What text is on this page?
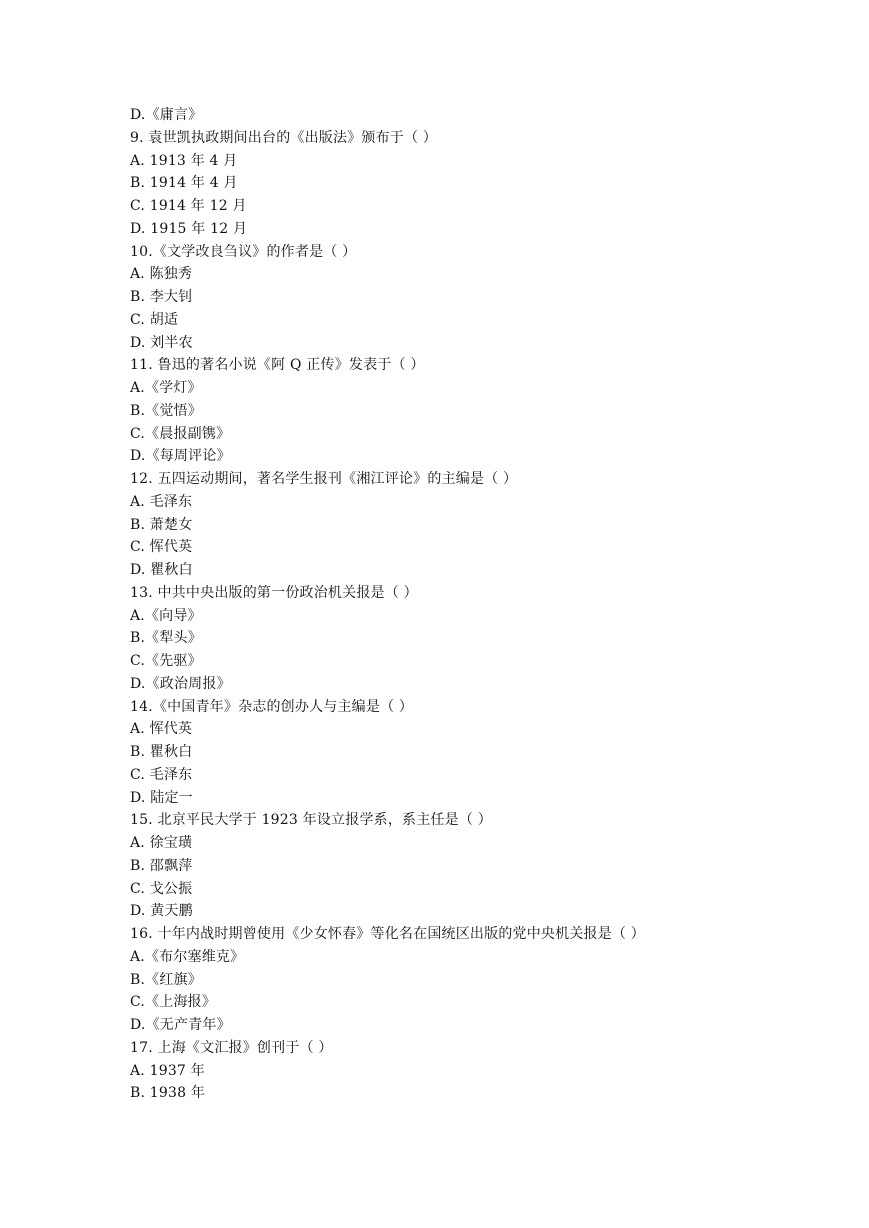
D.《庸言》
9. 袁世凯执政期间出台的《出版法》颁布于（ ）
A. 1913 年 4 月
B. 1914 年 4 月
C. 1914 年 12 月
D. 1915 年 12 月
10.《文学改良刍议》的作者是（ ）
A. 陈独秀
B. 李大钊
C. 胡适
D. 刘半农
11. 鲁迅的著名小说《阿 Q 正传》发表于（ ）
A.《学灯》
B.《觉悟》
C.《晨报副镌》
D.《每周评论》
12. 五四运动期间，著名学生报刊《湘江评论》的主编是（ ）
A. 毛泽东
B. 萧楚女
C. 恽代英
D. 瞿秋白
13. 中共中央出版的第一份政治机关报是（ ）
A.《向导》
B.《犁头》
C.《先驱》
D.《政治周报》
14.《中国青年》杂志的创办人与主编是（ ）
A. 恽代英
B. 瞿秋白
C. 毛泽东
D. 陆定一
15. 北京平民大学于 1923 年设立报学系，系主任是（ ）
A. 徐宝璜
B. 邵飘萍
C. 戈公振
D. 黄天鹏
16. 十年内战时期曾使用《少女怀春》等化名在国统区出版的党中央机关报是（ ）
A.《布尔塞维克》
B.《红旗》
C.《上海报》
D.《无产青年》
17. 上海《文汇报》创刊于（ ）
A. 1937 年
B. 1938 年
